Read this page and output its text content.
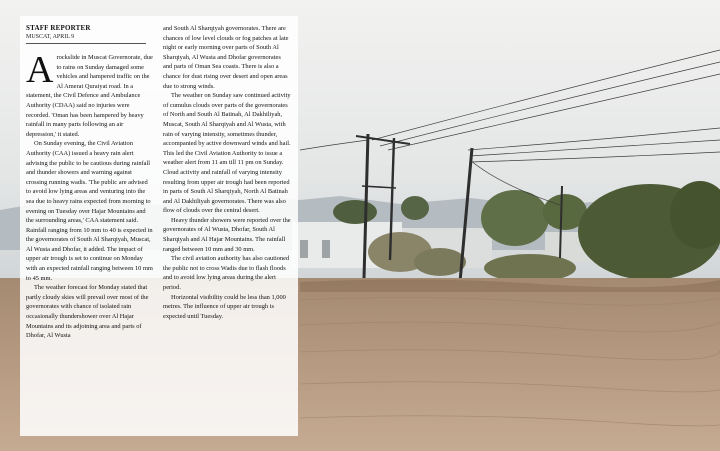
STAFF REPORTER
MUSCAT, APRIL 9

Arockslide in Muscat Governorate, due to rains on Sunday damaged some vehicles and hampered traffic on the Al Amerat Quraiyat road. In a statement, the Civil Defence and Ambulance Authority (CDAA) said no injuries were recorded. 'Oman has been hampered by heavy rainfall in many parts following an air depression,' it stated.

On Sunday evening, the Civil Aviation Authority (CAA) issued a heavy rain alert advising the public to be cautious during rainfall and thunder showers and warning against crossing running wadis. 'The public are advised to avoid low lying areas and venturing into the sea due to heavy rains expected from morning to evening on Tuesday over Hajar Mountains and the surrounding areas,' CAA statement said. Rainfall ranging from 10 mm to 40 is expected in the governorates of South Al Sharqiyah, Muscat, Al Wusta and Dhofar, it added. The impact of upper air trough is set to continue on Monday with an expected rainfall ranging between 10 mm to 45 mm.

The weather forecast for Monday stated that partly cloudy skies will prevail over most of the governorates with chance of isolated rain occasionally thundershower over Al Hajar Mountains and its adjoining area and parts of Dhofar, Al Wusta

and South Al Sharqiyah governorates. There are chances of low level clouds or fog patches at late night or early morning over parts of South Al Sharqiyah, Al Wusta and Dhofar governorates and parts of Oman Sea coasts. There is also a chance for dust rising over desert and open areas due to strong winds.

The weather on Sunday saw continued activity of cumulus clouds over parts of the governorates of North and South Al Batinah, Al Dakhiliyah, Muscat, South Al Sharqiyah and Al Wusta, with rain of varying intensity, sometimes thunder, accompanied by active downward winds and hail. This led the Civil Aviation Authority to issue a weather alert from 11 am till 11 pm on Sunday. Cloud activity and rainfall of varying intensity resulting from upper air trough had been reported in parts of South Al Sharqiyah, North Al Batinah and Al Dakhiliyah governorates. There was also flow of clouds over the central desert.

Heavy thunder showers were reported over the governorates of Al Wusta, Dhofar, South Al Sharqiyah and Al Hajar Mountains. The rainfall ranged between 10 mm and 30 mm.

The civil aviation authority has also cautioned the public not to cross Wadis due to flash floods and to avoid low lying areas during the alert period.

Horizontal visibility could be less than 1,000 metres. The influence of upper air trough is expected until Tuesday.
